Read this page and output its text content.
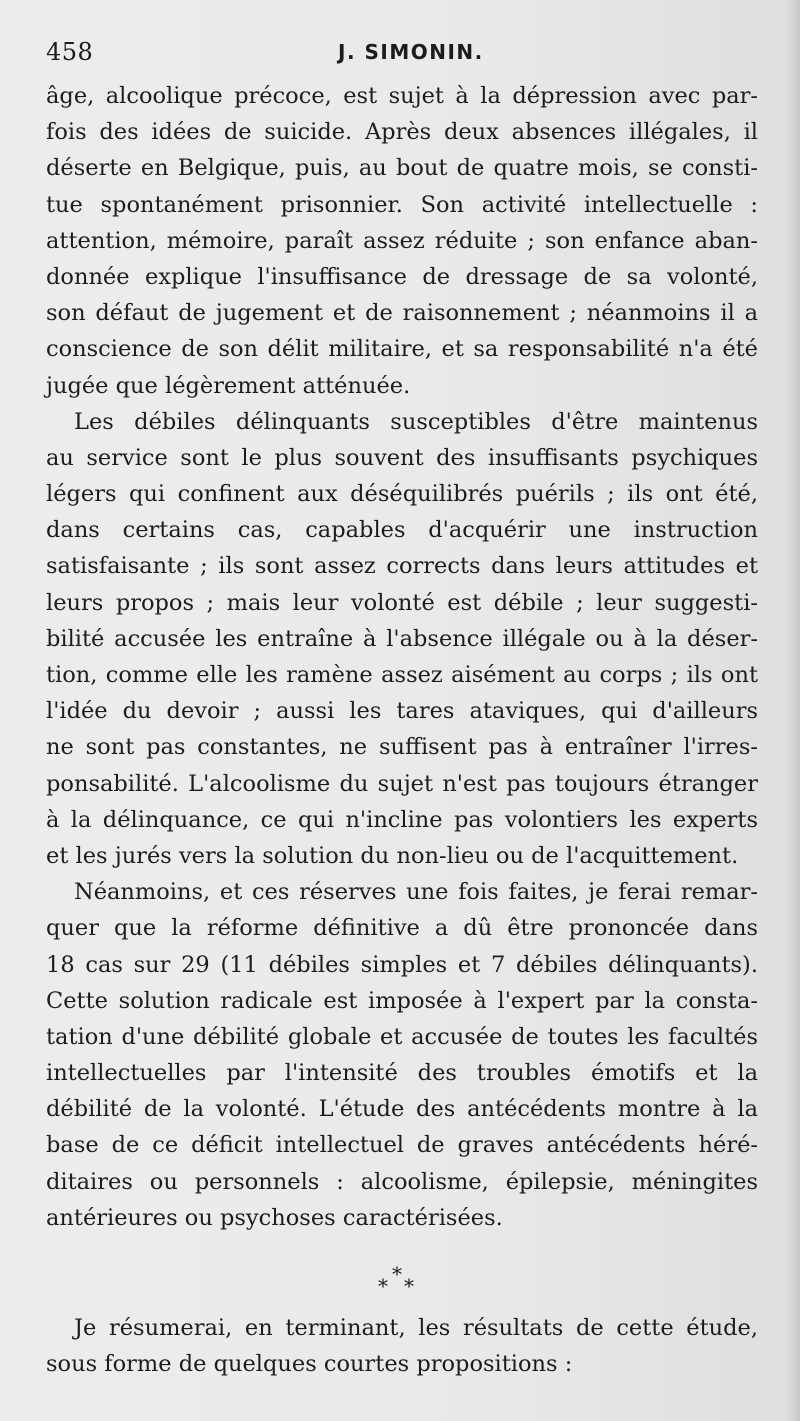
458	J. SIMONIN.
âge, alcoolique précoce, est sujet à la dépression avec par-
fois des idées de suicide. Après deux absences illégales, il
déserte en Belgique, puis, au bout de quatre mois, se consti-
tue spontanément prisonnier. Son activité intellectuelle :
attention, mémoire, paraît assez réduite ; son enfance aban-
donnée explique l'insuffisance de dressage de sa volonté,
son défaut de jugement et de raisonnement ; néanmoins il a
conscience de son délit militaire, et sa responsabilité n'a été
jugée que légèrement atténuée.
Les débiles délinquants susceptibles d'être maintenus
au service sont le plus souvent des insuffisants psychiques
légers qui confinent aux déséquilibrés puérils ; ils ont été,
dans certains cas, capables d'acquérir une instruction
satisfaisante ; ils sont assez corrects dans leurs attitudes et
leurs propos ; mais leur volonté est débile ; leur suggesti-
bilité accusée les entraîne à l'absence illégale ou à la déser-
tion, comme elle les ramène assez aisément au corps ; ils ont
l'idée du devoir ; aussi les tares ataviques, qui d'ailleurs
ne sont pas constantes, ne suffisent pas à entraîner l'irres-
ponsabilité. L'alcoolisme du sujet n'est pas toujours étranger
à la délinquance, ce qui n'incline pas volontiers les experts
et les jurés vers la solution du non-lieu ou de l'acquittement.
Néanmoins, et ces réserves une fois faites, je ferai remar-
quer que la réforme définitive a dû être prononcée dans
18 cas sur 29 (11 débiles simples et 7 débiles délinquants).
Cette solution radicale est imposée à l'expert par la consta-
tation d'une débilité globale et accusée de toutes les facultés
intellectuelles par l'intensité des troubles émotifs et la
débilité de la volonté. L'étude des antécédents montre à la
base de ce déficit intellectuel de graves antécédents héré-
ditaires ou personnels : alcoolisme, épilepsie, méningites
antérieures ou psychoses caractérisées.
*
* *
Je résumerai, en terminant, les résultats de cette étude,
sous forme de quelques courtes propositions :
